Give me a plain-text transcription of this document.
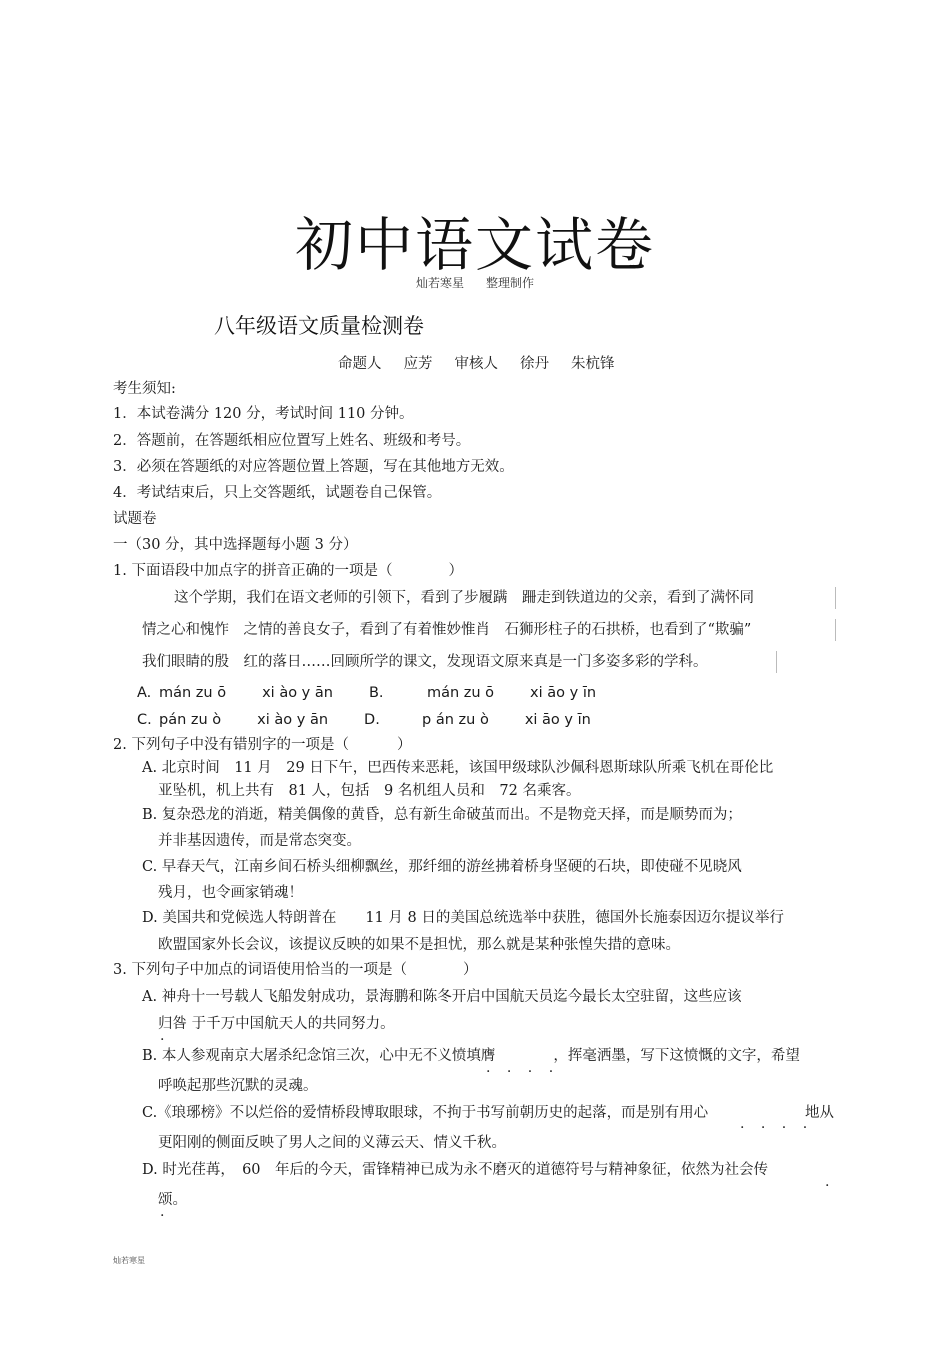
初中语文试卷
灿若寒星 整理制作
八年级语文质量检测卷
命题人 应芳 审核人 徐丹 朱杭锋
考生须知:
1．本试卷满分 120 分，考试时间 110 分钟。
2．答题前，在答题纸相应位置写上姓名、班级和考号。
3．必须在答题纸的对应答题位置上答题，写在其他地方无效。
4．考试结束后，只上交答题纸，试题卷自己保管。
试题卷
一（30 分，其中选择题每小题 3 分）
1. 下面语段中加点字的拼音正确的一项是（	）
这个学期，我们在语文老师的引领下，看到了步履蹒　跚走到铁道边的父亲，看到了满怀同
情之心和愧怍　之情的善良女子，看到了有着惟妙惟肖　石狮形柱子的石拱桥，也看到了“欺骗”
我们眼睛的殷　红的落日……回顾所学的课文，发现语文原来真是一门多姿多彩的学科。
A. mán zu ō xi ào y ān B.	mán zu ō xi āo y īn
C. pán zu ò xi ào y ān D.	p án zu ò xi āo y īn
2. 下列句子中没有错别字的一项是（	）
A. 北京时间　11 月　29 日下午，巴西传来恶耗，该国甲级球队沙佩科恩斯球队所乘飞机在哥伦比
亚坠机，机上共有　81 人，包括　9 名机组人员和　72 名乘客。
B. 复杂恐龙的消逝，精美偶像的黄昏，总有新生命破茧而出。不是物竞天择，而是顺势而为；
并非基因遗传，而是常态突变。
C. 早春天气，江南乡间石桥头细柳飘丝，那纤细的游丝拂着桥身坚硬的石块，即使碰不见晓风
残月，也令画家销魂！
D. 美国共和党候选人特朗普在　　11 月 8 日的美国总统选举中获胜，德国外长施泰因迈尔提议举行
欧盟国家外长会议，该提议反映的如果不是担忧，那么就是某种张惶失措的意味。
3. 下列句子中加点的词语使用恰当的一项是（	）
A. 神舟十一号载人飞船发射成功，景海鹏和陈冬开启中国航天员迄今最长太空驻留，这些应该
归咎 于千万中国航天人的共同努力。
.
B. 本人参观南京大屠杀纪念馆三次，心中无不义愤填膺　　　　，挥毫洒墨，写下这愤慨的文字，希望
. . . .
呼唤起那些沉默的灵魂。
C.《琅琊榜》不以烂俗的爱情桥段博取眼球，不拘于书写前朝历史的起落，而是别有用心
. . . .
地从
更阳刚的侧面反映了男人之间的义薄云天、情义千秋。
D. 时光荏苒，　60　年后的今天，雷锋精神已成为永不磨灭的道德符号与精神象征，依然为社会传
.
颂。
.
灿若寒星
